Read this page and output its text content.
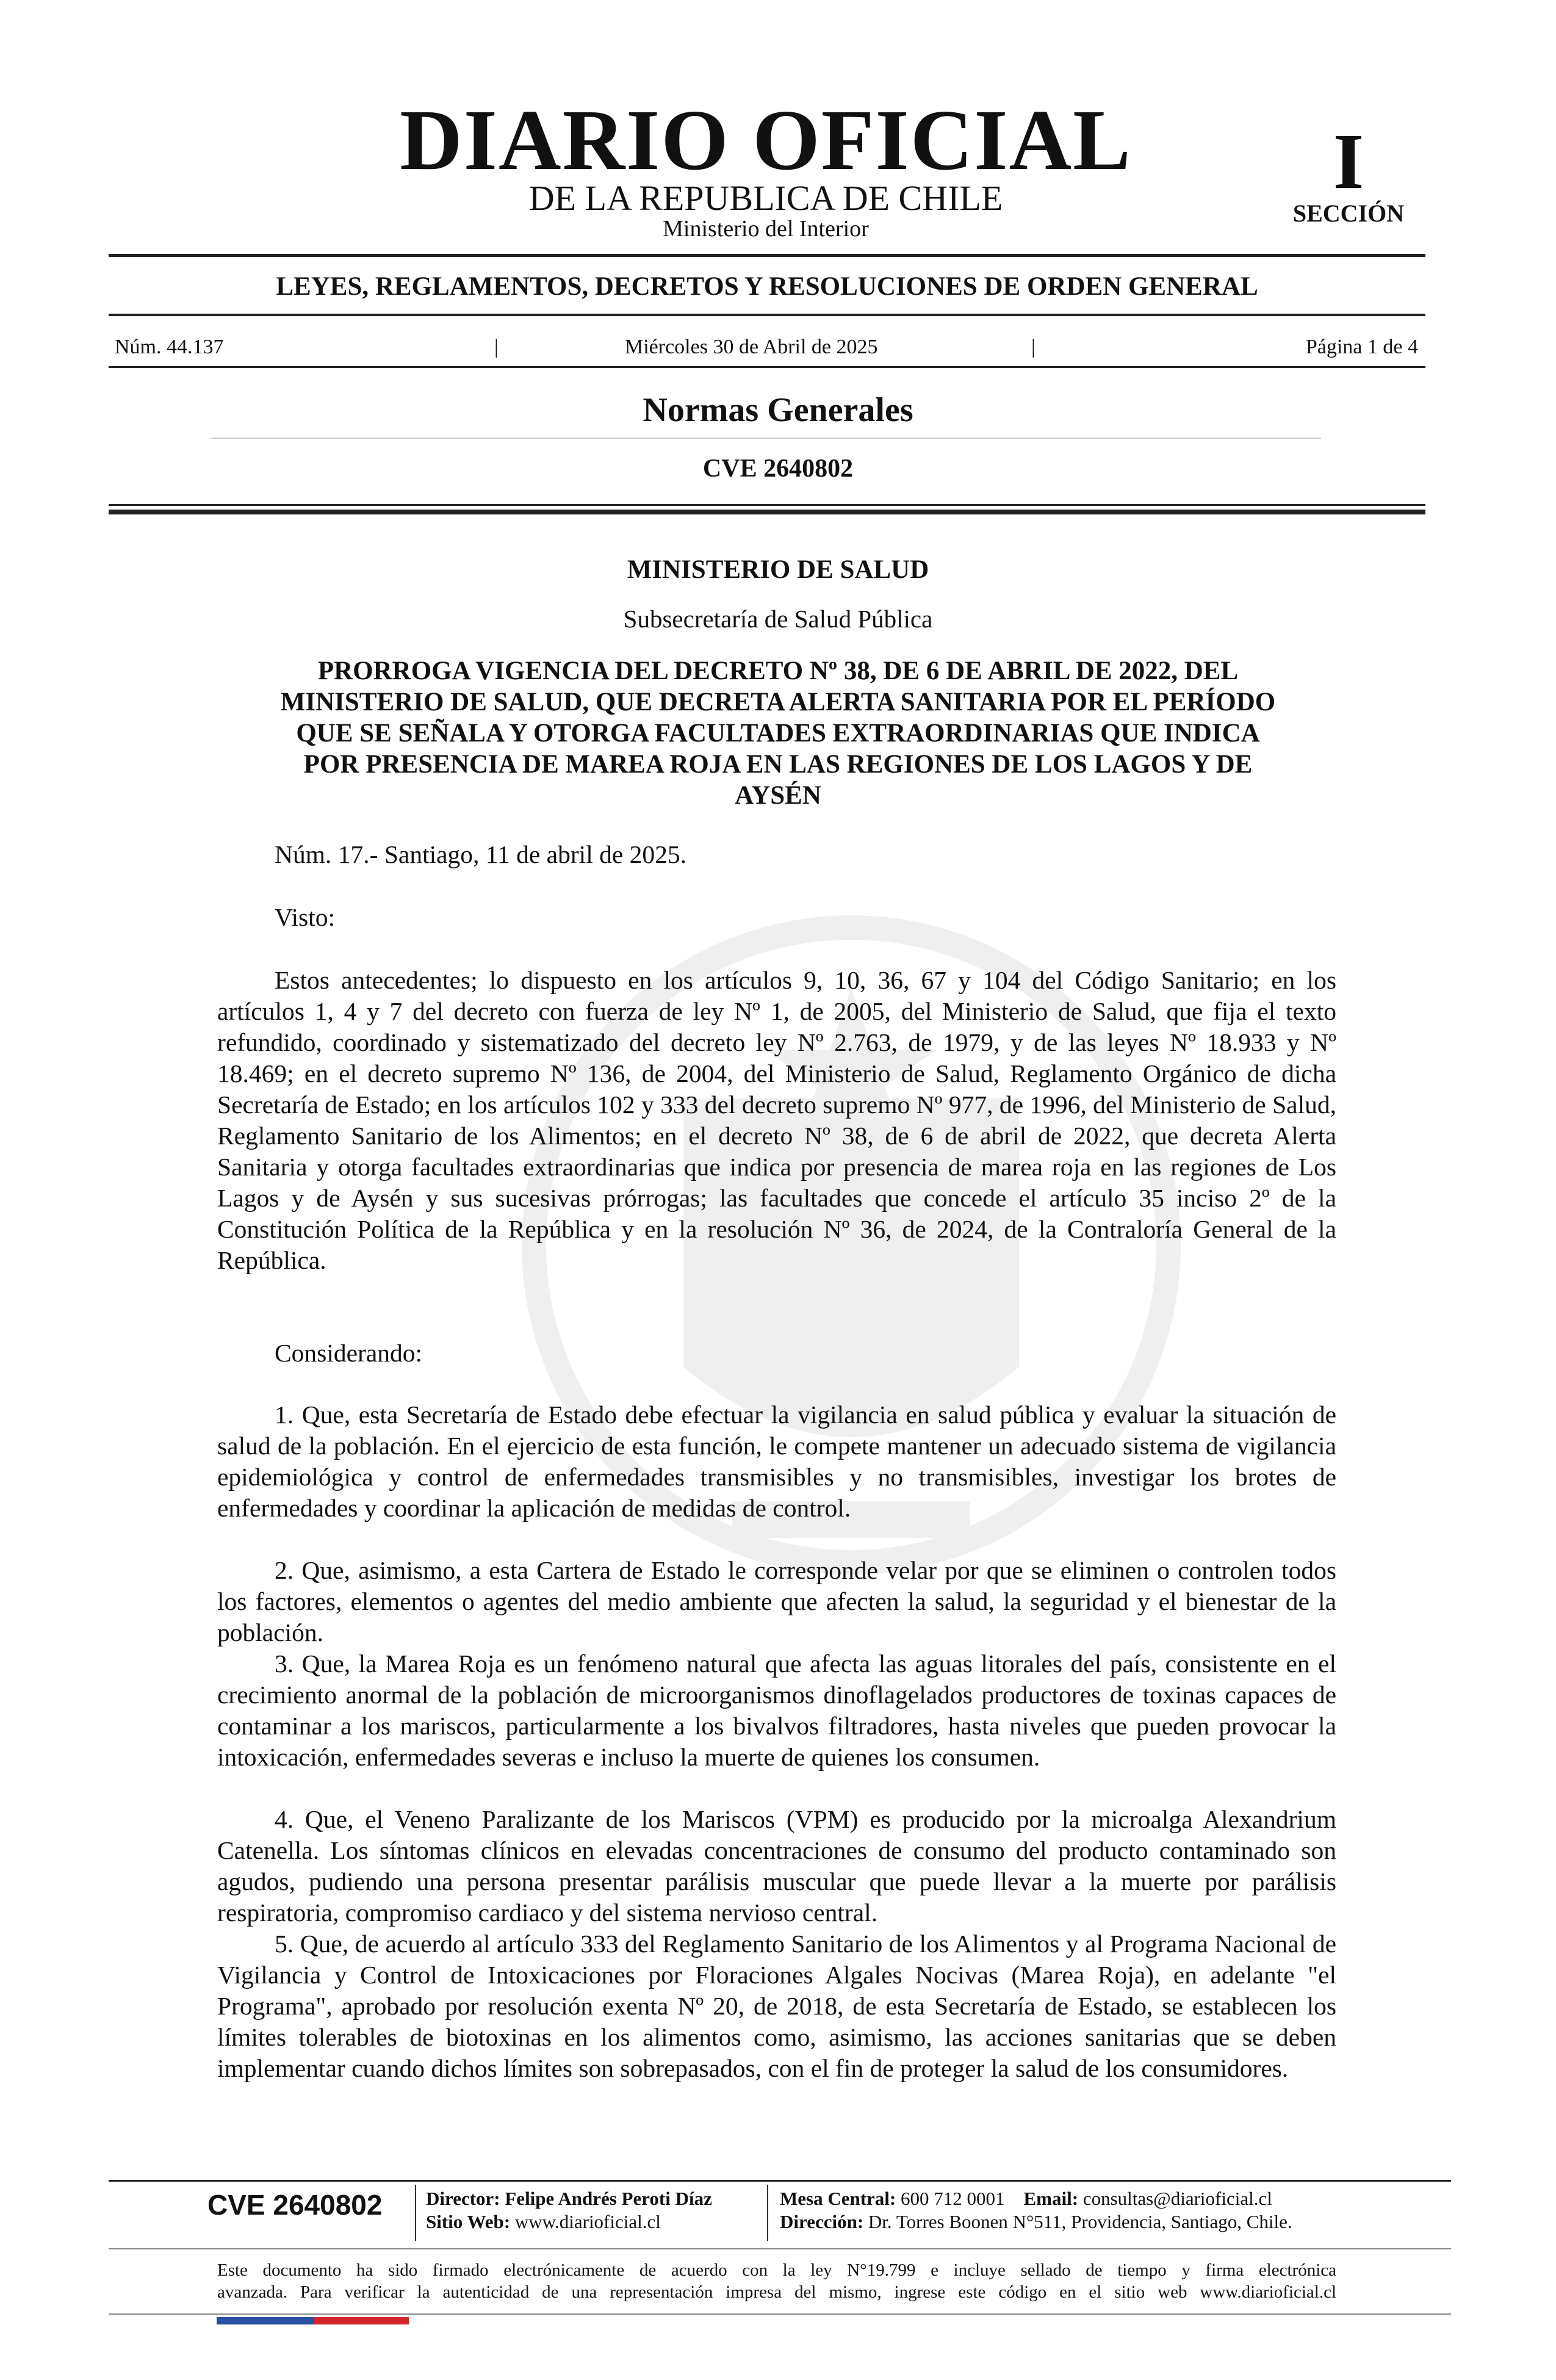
DIARIO OFICIAL
DE LA REPUBLICA DE CHILE
Ministerio del Interior
I
SECCIÓN
LEYES, REGLAMENTOS, DECRETOS Y RESOLUCIONES DE ORDEN GENERAL
Núm. 44.137	|	Miércoles 30 de Abril de 2025	|	Página 1 de 4
Normas Generales
CVE 2640802
MINISTERIO DE SALUD
Subsecretaría de Salud Pública
PRORROGA VIGENCIA DEL DECRETO Nº 38, DE 6 DE ABRIL DE 2022, DEL
MINISTERIO DE SALUD, QUE DECRETA ALERTA SANITARIA POR EL PERÍODO
QUE SE SEÑALA Y OTORGA FACULTADES EXTRAORDINARIAS QUE INDICA
POR PRESENCIA DE MAREA ROJA EN LAS REGIONES DE LOS LAGOS Y DE
AYSÉN
Núm. 17.- Santiago, 11 de abril de 2025.
Visto:
Estos antecedentes; lo dispuesto en los artículos 9, 10, 36, 67 y 104 del Código Sanitario; en los artículos 1, 4 y 7 del decreto con fuerza de ley Nº 1, de 2005, del Ministerio de Salud, que fija el texto refundido, coordinado y sistematizado del decreto ley Nº 2.763, de 1979, y de las leyes Nº 18.933 y Nº 18.469; en el decreto supremo Nº 136, de 2004, del Ministerio de Salud, Reglamento Orgánico de dicha Secretaría de Estado; en los artículos 102 y 333 del decreto supremo Nº 977, de 1996, del Ministerio de Salud, Reglamento Sanitario de los Alimentos; en el decreto Nº 38, de 6 de abril de 2022, que decreta Alerta Sanitaria y otorga facultades extraordinarias que indica por presencia de marea roja en las regiones de Los Lagos y de Aysén y sus sucesivas prórrogas; las facultades que concede el artículo 35 inciso 2º de la Constitución Política de la República y en la resolución Nº 36, de 2024, de la Contraloría General de la República.
Considerando:
1. Que, esta Secretaría de Estado debe efectuar la vigilancia en salud pública y evaluar la situación de salud de la población. En el ejercicio de esta función, le compete mantener un adecuado sistema de vigilancia epidemiológica y control de enfermedades transmisibles y no transmisibles, investigar los brotes de enfermedades y coordinar la aplicación de medidas de control.
2. Que, asimismo, a esta Cartera de Estado le corresponde velar por que se eliminen o controlen todos los factores, elementos o agentes del medio ambiente que afecten la salud, la seguridad y el bienestar de la población.
3. Que, la Marea Roja es un fenómeno natural que afecta las aguas litorales del país, consistente en el crecimiento anormal de la población de microorganismos dinoflagelados productores de toxinas capaces de contaminar a los mariscos, particularmente a los bivalvos filtradores, hasta niveles que pueden provocar la intoxicación, enfermedades severas e incluso la muerte de quienes los consumen.
4. Que, el Veneno Paralizante de los Mariscos (VPM) es producido por la microalga Alexandrium Catenella. Los síntomas clínicos en elevadas concentraciones de consumo del producto contaminado son agudos, pudiendo una persona presentar parálisis muscular que puede llevar a la muerte por parálisis respiratoria, compromiso cardiaco y del sistema nervioso central.
5. Que, de acuerdo al artículo 333 del Reglamento Sanitario de los Alimentos y al Programa Nacional de Vigilancia y Control de Intoxicaciones por Floraciones Algales Nocivas (Marea Roja), en adelante "el Programa", aprobado por resolución exenta Nº 20, de 2018, de esta Secretaría de Estado, se establecen los límites tolerables de biotoxinas en los alimentos como, asimismo, las acciones sanitarias que se deben implementar cuando dichos límites son sobrepasados, con el fin de proteger la salud de los consumidores.
CVE 2640802	Director: Felipe Andrés Peroti Díaz
Sitio Web: www.diarioficial.cl
Mesa Central: 600 712 0001 Email: consultas@diarioficial.cl
Dirección: Dr. Torres Boonen N°511, Providencia, Santiago, Chile.
Este documento ha sido firmado electrónicamente de acuerdo con la ley N°19.799 e incluye sellado de tiempo y firma electrónica
avanzada. Para verificar la autenticidad de una representación impresa del mismo, ingrese este código en el sitio web www.diarioficial.cl
